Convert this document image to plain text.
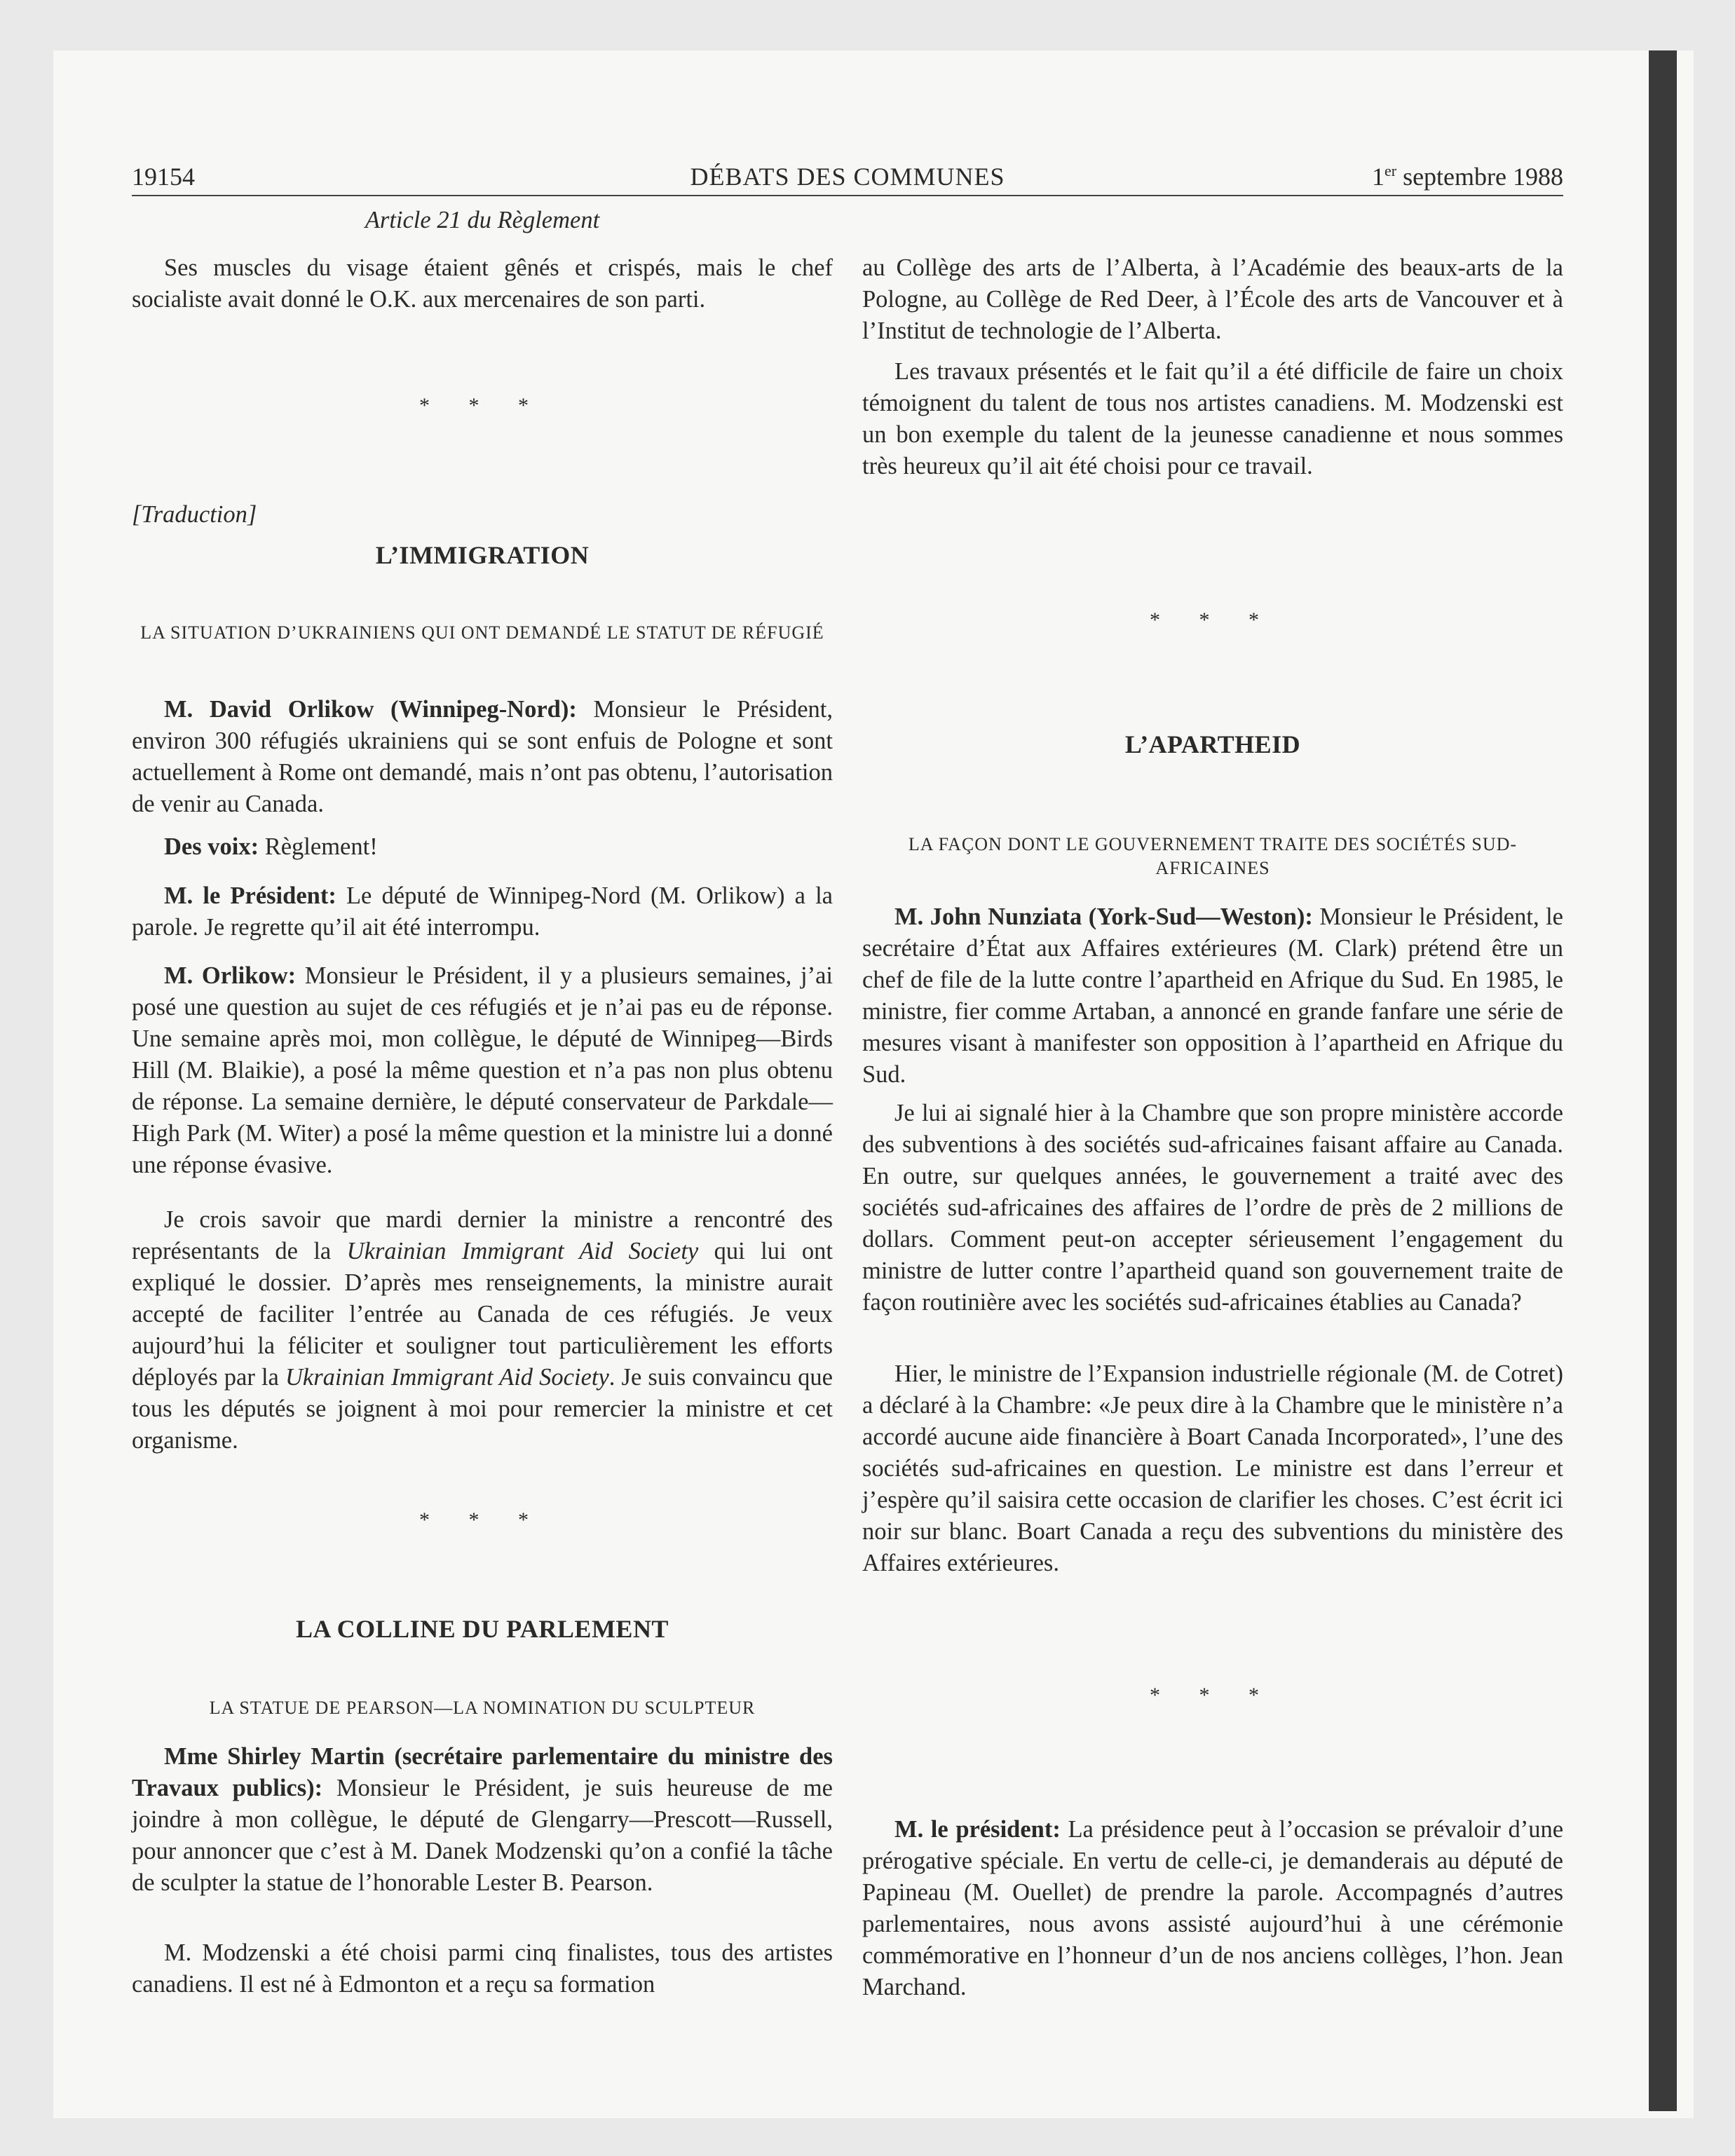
19154	DÉBATS DES COMMUNES	1er septembre 1988
Article 21 du Règlement

Ses muscles du visage étaient gênés et crispés, mais le chef socialiste avait donné le O.K. aux mercenaires de son parti.

* * *
[Traduction]
L’IMMIGRATION
LA SITUATION D’UKRAINIENS QUI ONT DEMANDÉ LE STATUT DE RÉFUGIÉ

M. David Orlikow (Winnipeg-Nord): Monsieur le Président, environ 300 réfugiés ukrainiens qui se sont enfuis de Pologne et sont actuellement à Rome ont demandé, mais n’ont pas obtenu, l’autorisation de venir au Canada.

Des voix: Règlement!

M. le Président: Le député de Winnipeg-Nord (M. Orlikow) a la parole. Je regrette qu’il ait été interrompu.

M. Orlikow: Monsieur le Président, il y a plusieurs semaines, j’ai posé une question au sujet de ces réfugiés et je n’ai pas eu de réponse. Une semaine après moi, mon collègue, le député de Winnipeg—Birds Hill (M. Blaikie), a posé la même question et n’a pas non plus obtenu de réponse. La semaine dernière, le député conservateur de Parkdale—High Park (M. Witer) a posé la même question et la ministre lui a donné une réponse évasive.

Je crois savoir que mardi dernier la ministre a rencontré des représentants de la Ukrainian Immigrant Aid Society qui lui ont expliqué le dossier. D’après mes renseignements, la ministre aurait accepté de faciliter l’entrée au Canada de ces réfugiés. Je veux aujourd’hui la féliciter et souligner tout particulièrement les efforts déployés par la Ukrainian Immigrant Aid Society. Je suis convaincu que tous les députés se joignent à moi pour remercier la ministre et cet organisme.

* * *
LA COLLINE DU PARLEMENT
LA STATUE DE PEARSON—LA NOMINATION DU SCULPTEUR

Mme Shirley Martin (secrétaire parlementaire du ministre des Travaux publics): Monsieur le Président, je suis heureuse de me joindre à mon collègue, le député de Glengarry—Prescott—Russell, pour annoncer que c’est à M. Danek Modzenski qu’on a confié la tâche de sculpter la statue de l’honorable Lester B. Pearson.

M. Modzenski a été choisi parmi cinq finalistes, tous des artistes canadiens. Il est né à Edmonton et a reçu sa formation

au Collège des arts de l’Alberta, à l’Académie des beaux-arts de la Pologne, au Collège de Red Deer, à l’École des arts de Vancouver et à l’Institut de technologie de l’Alberta.

Les travaux présentés et le fait qu’il a été difficile de faire un choix témoignent du talent de tous nos artistes canadiens. M. Modzenski est un bon exemple du talent de la jeunesse canadienne et nous sommes très heureux qu’il ait été choisi pour ce travail.

* * *
L’APARTHEID
LA FAÇON DONT LE GOUVERNEMENT TRAITE DES SOCIÉTÉS SUD-AFRICAINES

M. John Nunziata (York-Sud—Weston): Monsieur le Président, le secrétaire d’État aux Affaires extérieures (M. Clark) prétend être un chef de file de la lutte contre l’apartheid en Afrique du Sud. En 1985, le ministre, fier comme Artaban, a annoncé en grande fanfare une série de mesures visant à manifester son opposition à l’apartheid en Afrique du Sud.

Je lui ai signalé hier à la Chambre que son propre ministère accorde des subventions à des sociétés sud-africaines faisant affaire au Canada. En outre, sur quelques années, le gouvernement a traité avec des sociétés sud-africaines des affaires de l’ordre de près de 2 millions de dollars. Comment peut-on accepter sérieusement l’engagement du ministre de lutter contre l’apartheid quand son gouvernement traite de façon routinière avec les sociétés sud-africaines établies au Canada?

Hier, le ministre de l’Expansion industrielle régionale (M. de Cotret) a déclaré à la Chambre: «Je peux dire à la Chambre que le ministère n’a accordé aucune aide financière à Boart Canada Incorporated», l’une des sociétés sud-africaines en question. Le ministre est dans l’erreur et j’espère qu’il saisira cette occasion de clarifier les choses. C’est écrit ici noir sur blanc. Boart Canada a reçu des subventions du ministère des Affaires extérieures.

* * *

M. le président: La présidence peut à l’occasion se prévaloir d’une prérogative spéciale. En vertu de celle-ci, je demanderais au député de Papineau (M. Ouellet) de prendre la parole. Accompagnés d’autres parlementaires, nous avons assisté aujourd’hui à une cérémonie commémorative en l’honneur d’un de nos anciens collèges, l’hon. Jean Marchand.
